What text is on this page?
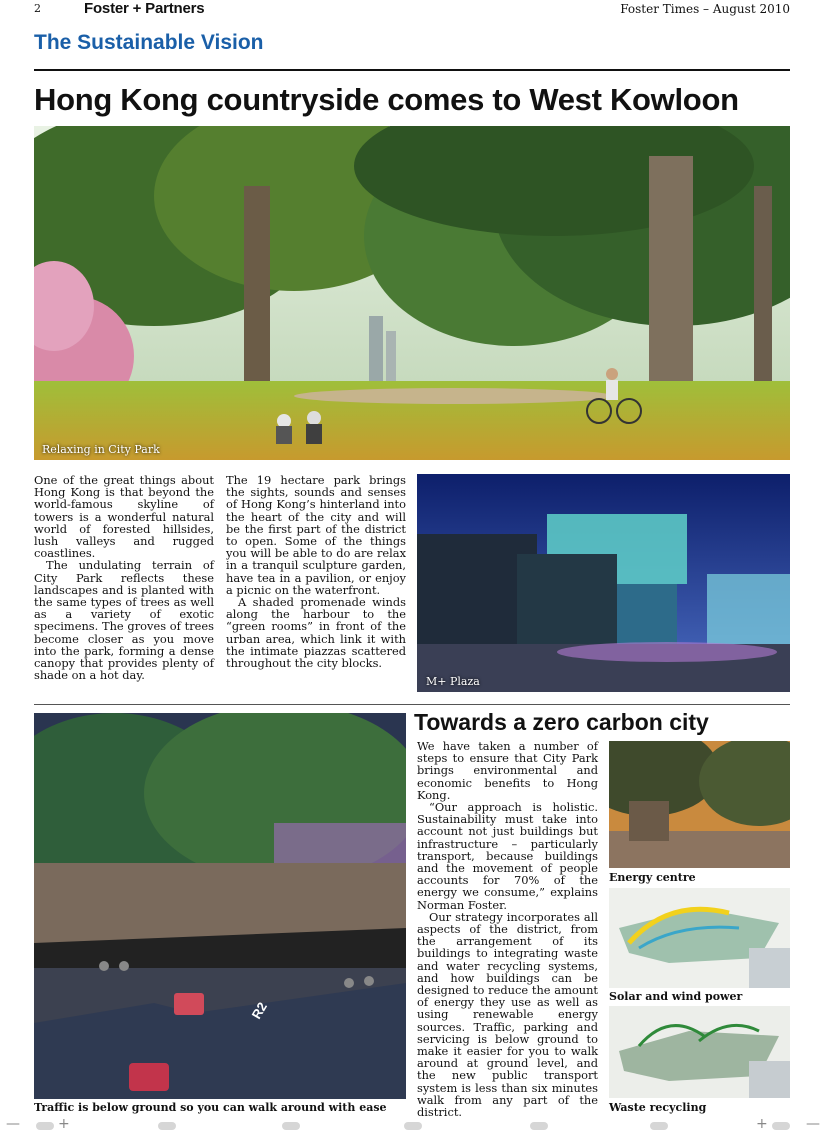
2	Foster + Partners	Foster Times – August 2010
The Sustainable Vision
Hong Kong countryside comes to West Kowloon
Relaxing in City Park

One of the great things about Hong Kong is that beyond the world-famous skyline of towers is a wonderful natural world of forested hillsides, lush valleys and rugged coastlines.

The undulating terrain of City Park reflects these landscapes and is planted with the same types of trees as well as a variety of exotic specimens. The groves of trees become closer as you move into the park, forming a dense canopy that provides plenty of shade on a hot day.

The 19 hectare park brings the sights, sounds and senses of Hong Kong’s hinterland into the heart of the city and will be the first part of the district to open. Some of the things you will be able to do are relax in a tranquil sculpture garden, have tea in a pavilion, or enjoy a picnic on the waterfront.

A shaded promenade winds along the harbour to the “green rooms” in front of the urban area, which link it with the intimate piazzas scattered throughout the city blocks.

M+ Plaza
R2
Traffic is below ground so you can walk around with ease
Towards a zero carbon city

We have taken a number of steps to ensure that City Park brings environmental and economic benefits to Hong Kong.

“Our approach is holistic. Sustainability must take into account not just buildings but infrastructure – particularly transport, because buildings and the movement of people accounts for 70% of the energy we consume,” explains Norman Foster.

Our strategy incorporates all aspects of the district, from the arrangement of its buildings to integrating waste and water recycling systems, and how buildings can be designed to reduce the amount of energy they use as well as using renewable energy sources. Traffic, parking and servicing is below ground to make it easier for you to walk around at ground level, and the new public transport system is less than six minutes walk from any part of the district.

Energy centre
Solar and wind power
Waste recycling
—	+	+	—
